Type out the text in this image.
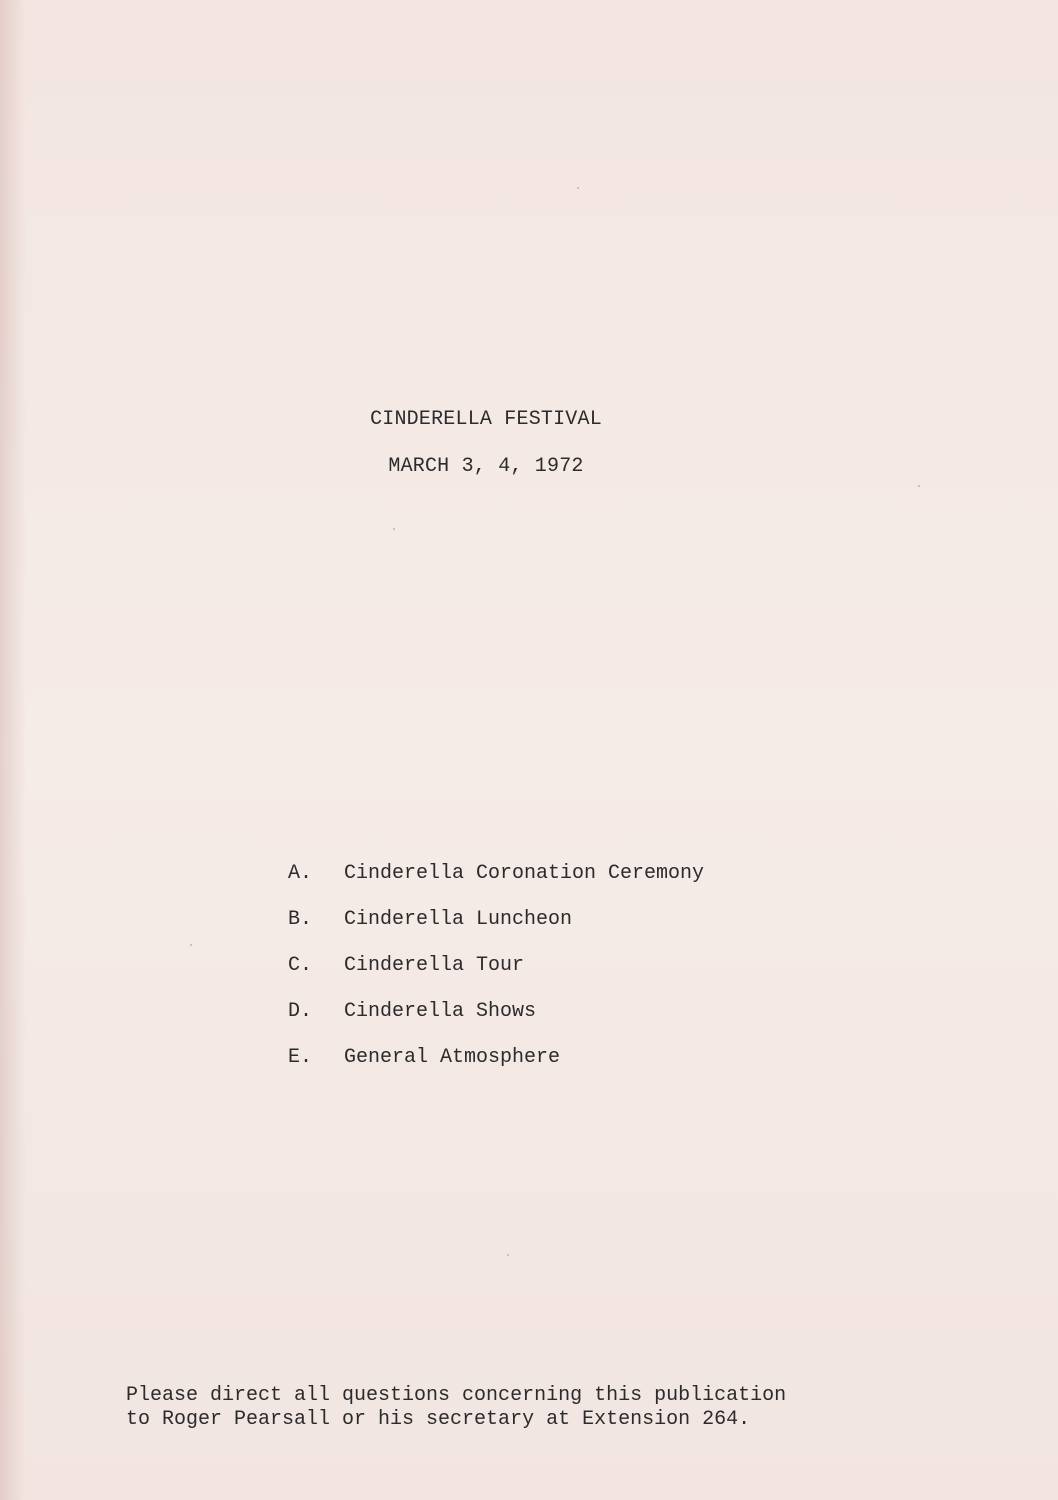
CINDERELLA FESTIVAL
MARCH 3, 4, 1972
A. Cinderella Coronation Ceremony
B. Cinderella Luncheon
C. Cinderella Tour
D. Cinderella Shows
E. General Atmosphere

Please direct all questions concerning this publication
to Roger Pearsall or his secretary at Extension 264.
